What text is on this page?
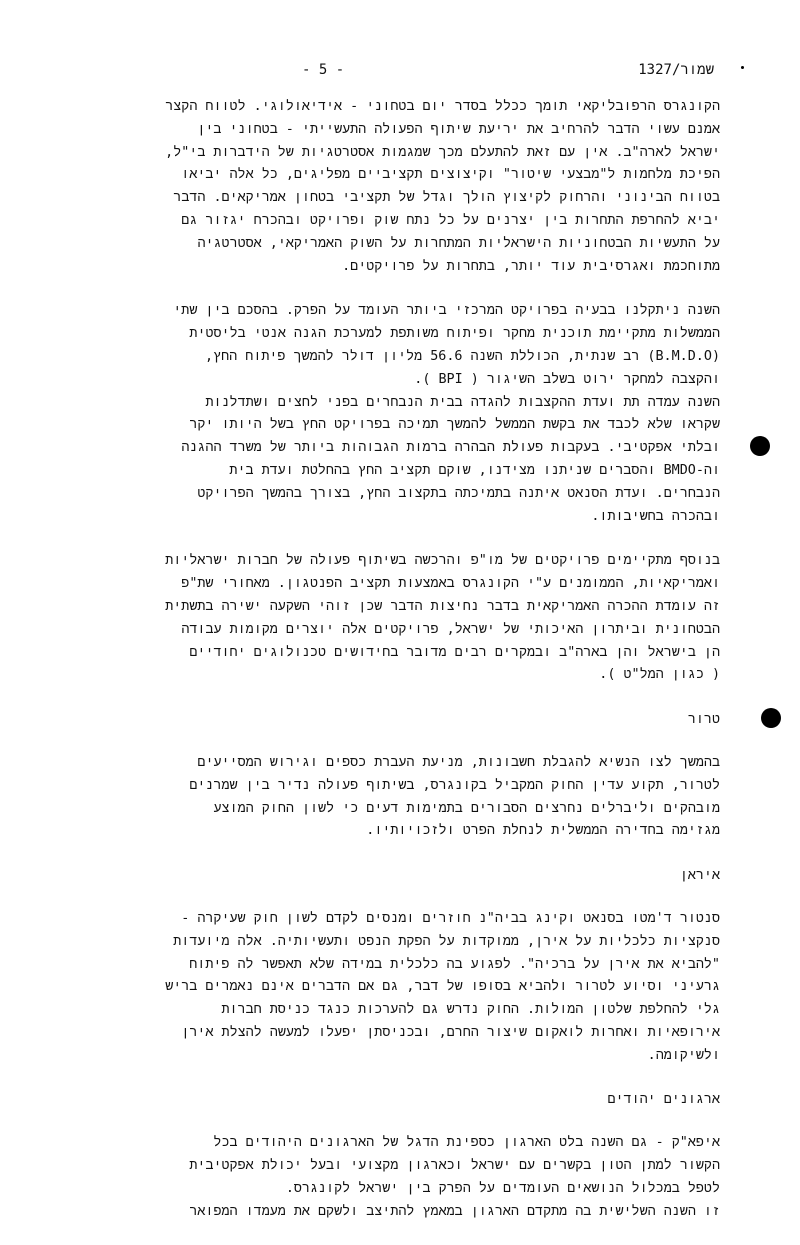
- 5 -	שמור/1327

הקונגרס הרפובליקאי תומך ככלל בסדר יום בטחוני - אידיאולוגי. לטווח הקצר
אמנם עשוי הדבר להרחיב את יריעת שיתוף הפעולה התעשייתי - בטחוני בין
ישראל לארה"ב. אין עם זאת להתעלם מכך שמגמות אסטרטגיות של הידברות בי"ל,
הפיכת מלחמות ל"מבצעי שיטור" וקיצוצים תקציביים מפליגים, כל אלה יביאו
בטווח הבינוני והרחוק לקיצוץ הולך וגדל של תקציבי בטחון אמריקאים. הדבר
יביא להחרפת התחרות בין יצרנים על כל נתח שוק ופרויקט ובהכרח יגזור גם
על התעשיות הבטחוניות הישראליות המתחרות על השוק האמריקאי, אסטרטגיה
מתוחכמת ואגרסיבית עוד יותר, בתחרות על פרויקטים.

השנה ניתקלנו בבעיה בפרויקט המרכזי ביותר העומד על הפרק. בהסכם בין שתי
הממשלות מתקיימת תוכנית מחקר ופיתוח משותפת למערכת הגנה אנטי בליסטית
(B.M.D.O) רב שנתית, הכוללת השנה 56.6 מליון דולר להמשך פיתוח החץ,
והקצבה למחקר ירוט בשלב השיגור ( BPI ).
השנה עמדה תת ועדת ההקצבות להגדה בבית הנבחרים בפני לחצים ושתדלנות
שקראו שלא לכבד את בקשת הממשל להמשך תמיכה בפרויקט החץ בשל היותו יקר
ובלתי אפקטיבי. בעקבות פעולת הבהרה ברמות הגבוהות ביותר של משרד ההגנה
וה-BMDO והסברים שניתנו מצידנו, שוקם תקציב החץ בהחלטת ועדת בית
הנבחרים. ועדת הסנאט איתנה בתמיכתה בתקצוב החץ, בצורך בהמשך הפרויקט
ובהכרה בחשיבותו.

בנוסף מתקיימים פרויקטים של מו"פ והרכשה בשיתוף פעולה של חברות ישראליות
ואמריקאיות, הממומנים ע"י הקונגרס באמצעות תקציב הפנטגון. מאחורי שת"פ
זה עומדת ההכרה האמריקאית בדבר נחיצות הדבר שכן זוהי השקעה ישירה בתשתית
הבטחונית וביתרון האיכותי של ישראל, פרויקטים אלה יוצרים מקומות עבודה
הן בישראל והן בארה"ב ובמקרים רבים מדובר בחידושים טכנולוגים יחודיים
( כגון המל"ט ).

טרור

בהמשך לצו הנשיא להגבלת חשבונות, מניעת העברת כספים וגירוש המסייעים
לטרור, תקוע עדין החוק המקביל בקונגרס, בשיתוף פעולה נדיר בין שמרנים
מובהקים וליברלים נחרצים הסבורים בתמימות דעים כי לשון החוק המוצע
מגזימה בחדירה הממשלית לנחלת הפרט ולזכויותיו.

איראן

סנטור ד'מטו בסנאט וקינג בביה"נ חוזרים ומנסים לקדם לשון חוק שעיקרה -
סנקציות כלכליות על אירן, ממוקדות על הפקת הנפט ותעשיותיה. אלה מיועדות
"להביא את אירן על ברכיה". לפגוע בה כלכלית במידה שלא תאפשר לה פיתוח
גרעיני וסיוע לטרור ולהביא בסופו של דבר, גם אם הדברים אינם נאמרים בריש
גלי להחלפת שלטון המולות. החוק נדרש גם להערכות כנגד כניסת חברות
אירופאיות ואחרות לואקום שיצור החרם, ובכניסתן יפעלו למעשה להצלת אירן
ולשיקומה.

ארגונים יהודים

איפא"ק - גם השנה בלט הארגון כספינת הדגל של הארגונים היהודים בכל
הקשור למתן הטון בקשרים עם ישראל וכארגון מקצועי ובעל יכולת אפקטיבית
לטפל במכלול הנושאים העומדים על הפרק בין ישראל לקונגרס.
זו השנה השלישית בה מתקדם הארגון במאמץ להתיצב ולשקם את מעמדו המפואר
